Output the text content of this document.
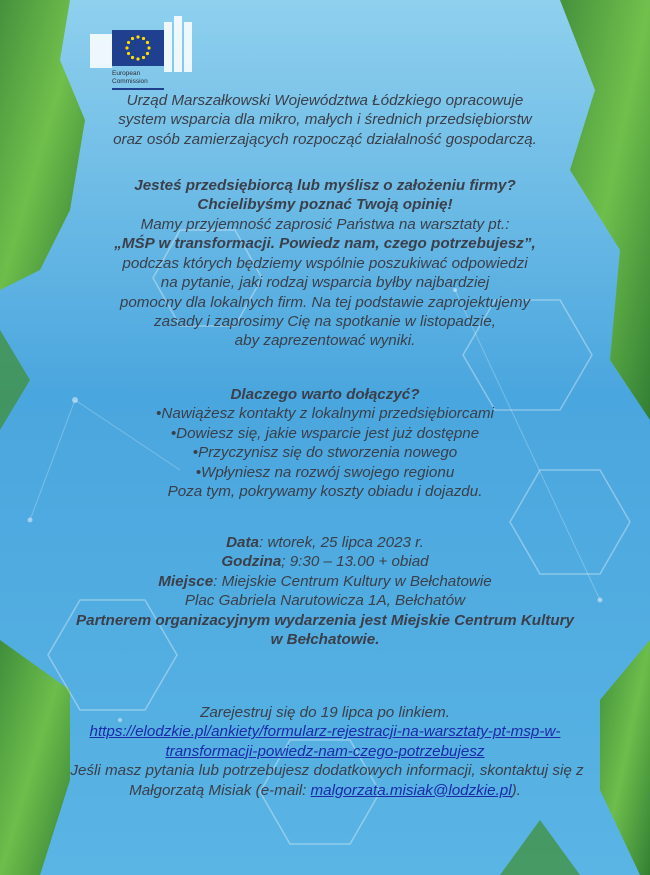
European
Commission

Urząd Marszałkowski Województwa Łódzkiego opracowuje

system wsparcia dla mikro, małych i średnich przedsiębiorstw

oraz osób zamierzających rozpocząć działalność gospodarczą.

Jesteś przedsiębiorcą lub myślisz o założeniu firmy?

Chcielibyśmy poznać Twoją opinię!

Mamy przyjemność zaprosić Państwa na warsztaty pt.:

„MŚP w transformacji. Powiedz nam, czego potrzebujesz”,

podczas których będziemy wspólnie poszukiwać odpowiedzi

na pytanie, jaki rodzaj wsparcia byłby najbardziej

pomocny dla lokalnych firm. Na tej podstawie zaprojektujemy

zasady i zaprosimy Cię na spotkanie w listopadzie,

aby zaprezentować wyniki.

Dlaczego warto dołączyć?

•Nawiążesz kontakty z lokalnymi przedsiębiorcami

•Dowiesz się, jakie wsparcie jest już dostępne

•Przyczynisz się do stworzenia nowego

•Wpłyniesz na rozwój swojego regionu

Poza tym, pokrywamy koszty obiadu i dojazdu.

Data: wtorek, 25 lipca 2023 r.

Godzina; 9:30 – 13.00 + obiad

Miejsce: Miejskie Centrum Kultury w Bełchatowie

Plac Gabriela Narutowicza 1A, Bełchatów

Partnerem organizacyjnym wydarzenia jest Miejskie Centrum Kultury

w Bełchatowie.

Zarejestruj się do 19 lipca po linkiem.

https://elodzkie.pl/ankiety/formularz-rejestracji-na-warsztaty-pt-msp-w-

transformacji-powiedz-nam-czego-potrzebujesz

Jeśli masz pytania lub potrzebujesz dodatkowych informacji, skontaktuj się z

Małgorzatą Misiak (e-mail: malgorzata.misiak@lodzkie.pl).
